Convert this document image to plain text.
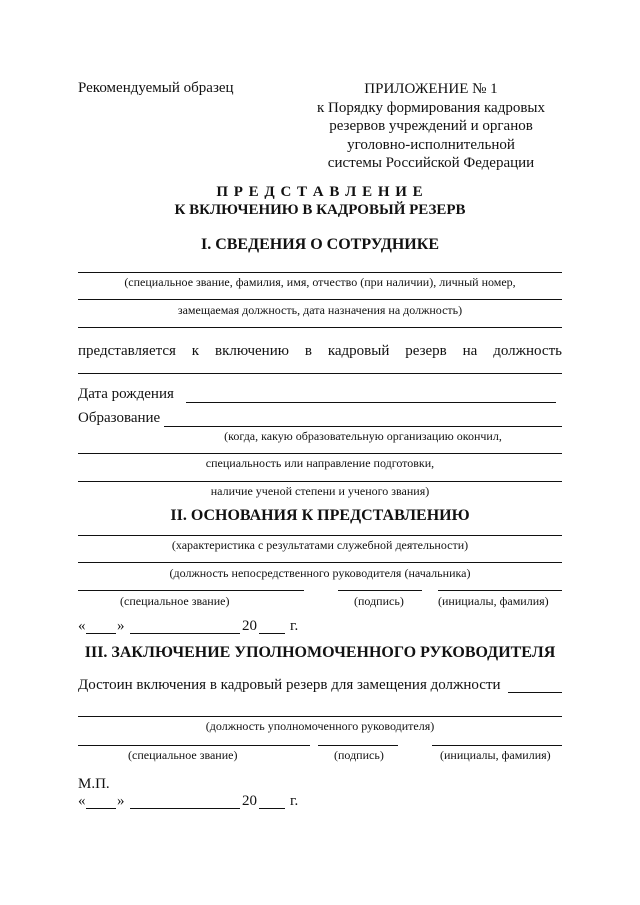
Рекомендуемый образец	ПРИЛОЖЕНИЕ № 1
к Порядку формирования кадровых
резервов учреждений и органов
уголовно-исполнительной
системы Российской Федерации
П Р Е Д С Т А В Л Е Н И Е
К ВКЛЮЧЕНИЮ В КАДРОВЫЙ РЕЗЕРВ
I. СВЕДЕНИЯ О СОТРУДНИКЕ
(специальное звание, фамилия, имя, отчество (при наличии), личный номер,
замещаемая должность, дата назначения на должность)
представляется к включению в кадровый резерв на должность
Дата рождения
Образование
(когда, какую образовательную организацию окончил,
специальность или направление подготовки,
наличие ученой степени и ученого звания)
II. ОСНОВАНИЯ К ПРЕДСТАВЛЕНИЮ
(характеристика с результатами служебной деятельности)
(должность непосредственного руководителя (начальника)
(специальное звание)	(подпись)	(инициалы, фамилия)
« »	20 г.
III. ЗАКЛЮЧЕНИЕ УПОЛНОМОЧЕННОГО РУКОВОДИТЕЛЯ
Достоин включения в кадровый резерв для замещения должности
(должность уполномоченного руководителя)
(специальное звание)	(подпись)	(инициалы, фамилия)
М.П.
« »	20 г.
